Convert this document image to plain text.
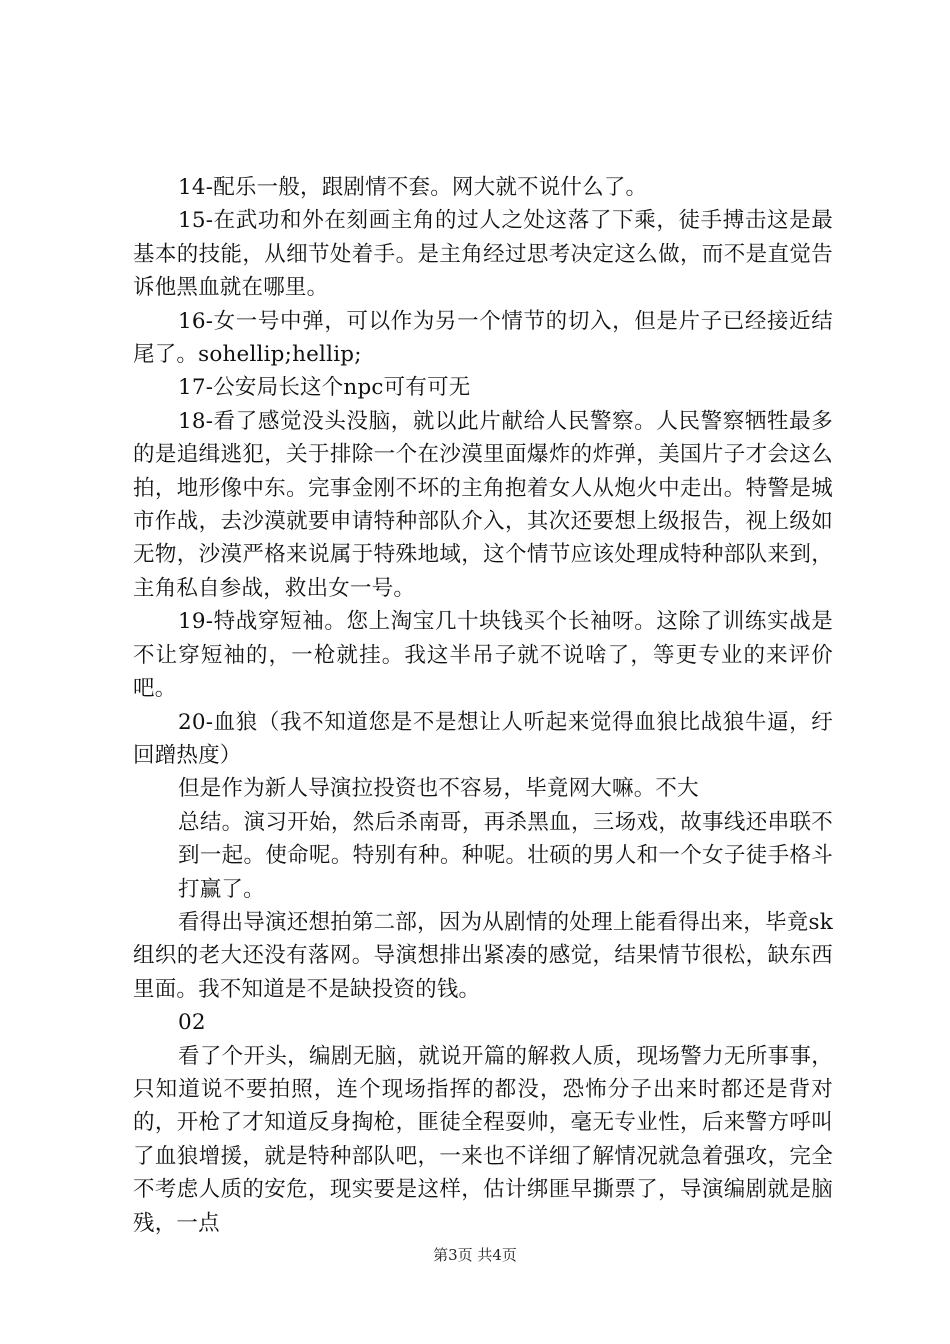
14-配乐一般，跟剧情不套。网大就不说什么了。

15-在武功和外在刻画主角的过人之处这落了下乘，徒手搏击这是最基本的技能，从细节处着手。是主角经过思考决定这么做，而不是直觉告诉他黑血就在哪里。

16-女一号中弹，可以作为另一个情节的切入，但是片子已经接近结尾了。sohellip;hellip;

17-公安局长这个npc可有可无

18-看了感觉没头没脑，就以此片献给人民警察。人民警察牺牲最多的是追缉逃犯，关于排除一个在沙漠里面爆炸的炸弹，美国片子才会这么拍，地形像中东。完事金刚不坏的主角抱着女人从炮火中走出。特警是城市作战，去沙漠就要申请特种部队介入，其次还要想上级报告，视上级如无物，沙漠严格来说属于特殊地域，这个情节应该处理成特种部队来到，主角私自参战，救出女一号。

19-特战穿短袖。您上淘宝几十块钱买个长袖呀。这除了训练实战是不让穿短袖的，一枪就挂。我这半吊子就不说啥了，等更专业的来评价吧。

20-血狼（我不知道您是不是想让人听起来觉得血狼比战狼牛逼，纡回蹭热度）

但是作为新人导演拉投资也不容易，毕竟网大嘛。不大

总结。演习开始，然后杀南哥，再杀黑血，三场戏，故事线还串联不到一起。使命呢。特别有种。种呢。壮硕的男人和一个女子徒手格斗打赢了。

看得出导演还想拍第二部，因为从剧情的处理上能看得出来，毕竟sk组织的老大还没有落网。导演想排出紧凑的感觉，结果情节很松，缺东西里面。我不知道是不是缺投资的钱。

02

看了个开头，编剧无脑，就说开篇的解救人质，现场警力无所事事，只知道说不要拍照，连个现场指挥的都没，恐怖分子出来时都还是背对的，开枪了才知道反身掏枪，匪徒全程耍帅，毫无专业性，后来警方呼叫了血狼增援，就是特种部队吧，一来也不详细了解情况就急着强攻，完全不考虑人质的安危，现实要是这样，估计绑匪早撕票了，导演编剧就是脑残，一点

第3页 共4页
